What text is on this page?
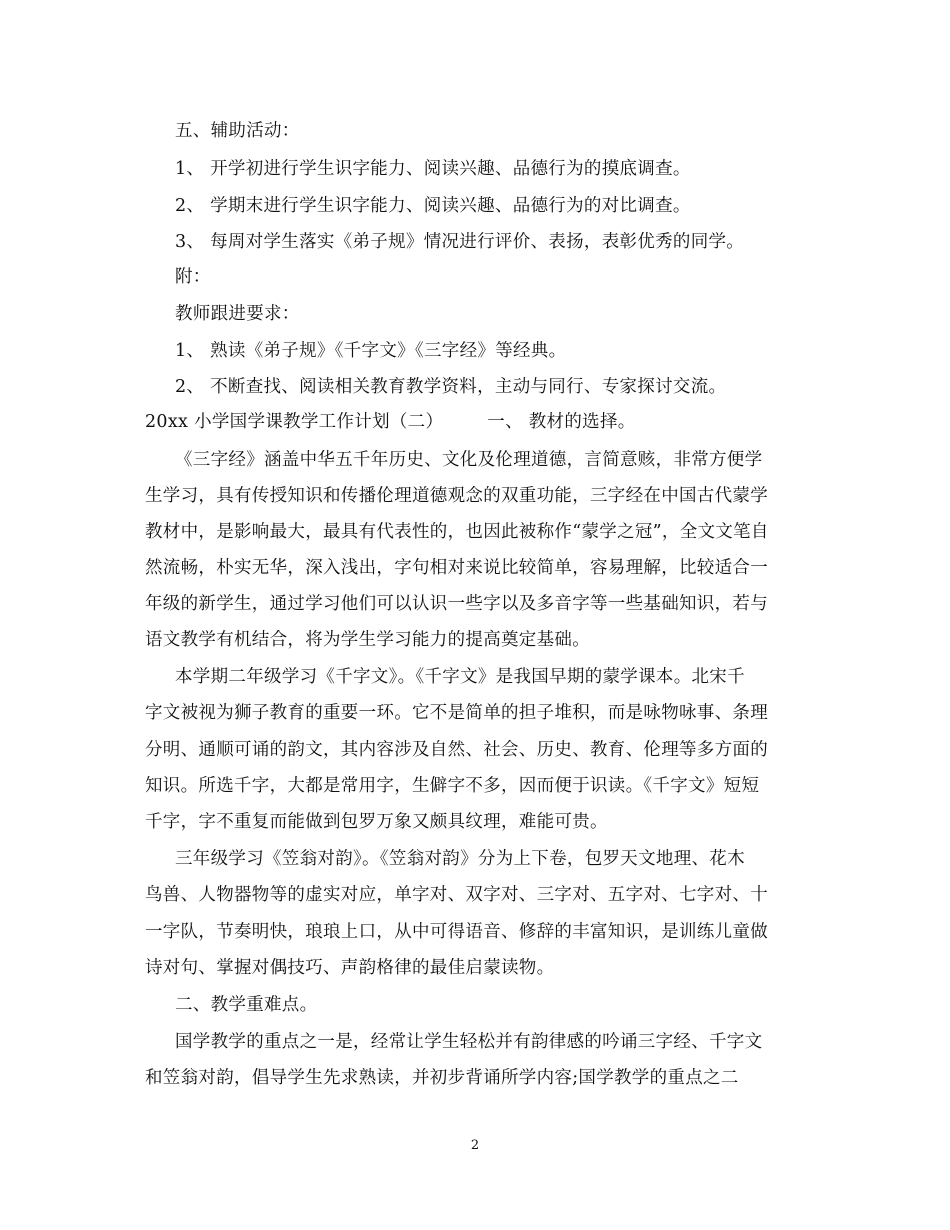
五、辅助活动：
1、 开学初进行学生识字能力、阅读兴趣、品德行为的摸底调查。
2、 学期末进行学生识字能力、阅读兴趣、品德行为的对比调查。
3、 每周对学生落实《弟子规》情况进行评价、表扬，表彰优秀的同学。
附：
教师跟进要求：
1、 熟读《弟子规》《千字文》《三字经》等经典。
2、 不断查找、阅读相关教育教学资料，主动与同行、专家探讨交流。
20xx 小学国学课教学工作计划（二）	一、 教材的选择。
《三字经》涵盖中华五千年历史、文化及伦理道德，言简意赅，非常方便学
生学习，具有传授知识和传播伦理道德观念的双重功能，三字经在中国古代蒙学
教材中，是影响最大，最具有代表性的，也因此被称作“蒙学之冠”，全文文笔自
然流畅，朴实无华，深入浅出，字句相对来说比较简单，容易理解，比较适合一
年级的新学生，通过学习他们可以认识一些字以及多音字等一些基础知识，若与
语文教学有机结合，将为学生学习能力的提高奠定基础。
本学期二年级学习《千字文》。《千字文》是我国早期的蒙学课本。北宋千
字文被视为狮子教育的重要一环。它不是简单的担子堆积，而是咏物咏事、条理
分明、通顺可诵的韵文，其内容涉及自然、社会、历史、教育、伦理等多方面的
知识。所选千字，大都是常用字，生僻字不多，因而便于识读。《千字文》短短
千字，字不重复而能做到包罗万象又颇具纹理，难能可贵。
三年级学习《笠翁对韵》。《笠翁对韵》分为上下卷，包罗天文地理、花木
鸟兽、人物器物等的虚实对应，单字对、双字对、三字对、五字对、七字对、十
一字队，节奏明快，琅琅上口，从中可得语音、修辞的丰富知识，是训练儿童做
诗对句、掌握对偶技巧、声韵格律的最佳启蒙读物。
二、教学重难点。
国学教学的重点之一是，经常让学生轻松并有韵律感的吟诵三字经、千字文
和笠翁对韵，倡导学生先求熟读，并初步背诵所学内容;国学教学的重点之二
2
